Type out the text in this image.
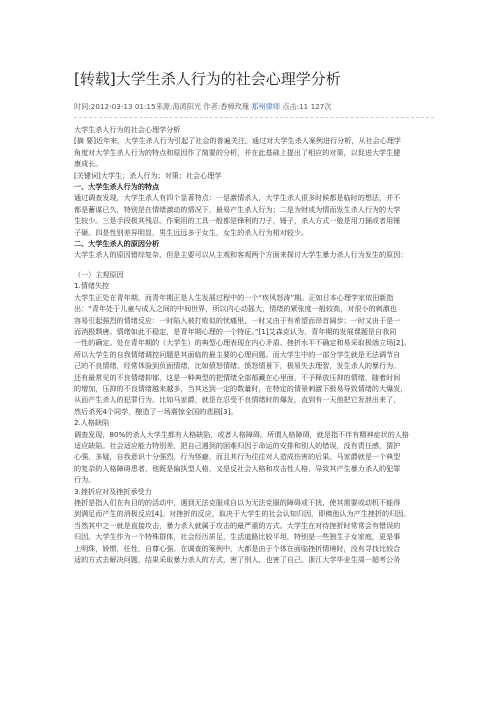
[转载]大学生杀人行为的社会心理学分析
时间:2012-03-13 01:15来源:海鸿阳光 作者:香樟玫瑰 郑州律师 点击:11 127次

大学生杀人行为的社会心理学分析

[摘 要]近年来，大学生杀人行为引起了社会的普遍关注。通过对大学生杀人案例进行分析，从社会心理学

角度对大学生杀人行为的特点和原因作了简要的分析，并在此基础上提出了相应的对策，以促进大学生健

康成长。

[关键词]大学生；杀人行为；对策；社会心理学

一、大学生杀人行为的特点

通过调查发现，大学生杀人有四个显著特点：一是激情杀人，大学生杀人很多时候都是临时的想法，并不

都是蓄谋已久，特别是在情绪激动的情况下，最易产生杀人行为；二是为财或为情而发生杀人行为的大学

生较少。三是手段极其残忍。作案用的工具一般都是锋利的刀子，锤子，杀人方式一般是用刀捅或者用锤

子砸。四是性别差异明显，男生远远多于女生，女生的杀人行为相对较少。

二、大学生杀人的原因分析

大学生杀人的原因错综复杂，但是主要可以从主观和客观两个方面来探讨大学生暴力杀人行为发生的原因：

（一）主观原因

1.情绪失控

大学生正处在青年期，而青年期正是人生发展过程中的一个“疾风怒涛”期。正如日本心理学家依田新指

出：“青年处于儿童与成人之间的中间世界，所以内心动摇大，情绪的紧张度一般较高，对很小的刺激也

容易引起强烈的情绪反应：一时陷入被打败似的忧痛里，一时又由于有希望而昂首阔步；一时又由于是一

而消极颓唐。情绪如此不稳定，是青年期心理的一个特征。”[1]艾森克认为，青年期的发展课题是自我同

一性的确定。处在青年期的（大学生）的典型心理表现在内心矛盾、挫折水平不确定和易采取极端立场[2]。

所以大学生的自我情绪调控问题是其面临的最主要的心理问题。而大学生中的一部分学生就是无法调节自

己的不良情绪，经常体验到负面情绪，比如愤怒情绪。愤怒情景下，极易失去理智，发生杀人的暴行为。

还有最常见的不良情绪抑郁，这是一种典型的把情绪全部郁藏在心里面，不予释放压抑的情绪，随着时间

的增加，压抑的不良情绪越来越多，当其达到一定的数量时，在特定的情景刺激下极易导致情绪的大爆发，

从而产生杀人的犯罪行为。比如马家爵，就是在忍受不良情绪时的爆发，直到有一天他把它发泄出来了，

然后杀死4个同学，酿造了一场震惊全国的悲剧[3]。

2.人格缺陷

调查发现，80%的杀人大学生都有人格缺陷，或者人格障碍。所谓人格障碍，就是指不伴有精神症状的人格

适应缺陷。社会适应能力特别差，把自己遇到的困难归因于命运的安排和别人的错误，没有责任感，猜护

心强，多疑，自我意识十分强烈，行为怪癖，而且其行为往往对人造成伤害的后果。马家爵就是一个典型

的复杂的人格障碍患者，他既是偏执型人格，又是反社会人格和攻击性人格，导致其产生暴力杀人的犯罪

行为。

3.挫折应对及挫折承受力

挫折是指人们在有目的的活动中，遇到无法克服或自以为无法克服的障碍或干扰，使其需要或动机不能得

到满足而产生的消极反应[4]。对挫折的反应，取决于大学生的社会认知归因，即佛他认为产生挫折的归因。

当然其中之一就是直接攻击，暴力杀人就属于攻击的最严重的方式。大学生在对待挫折时常常会有错误的

归因。大学生作为一个特殊群体，社会经历质足，生活道路比较平坦，特别是一些独生子女家庭，更是事

上明珠，娇惯，任性，自尊心强。在调查的案例中，大都是由于个体在面临挫折情境时，没有寻找比较合

适的方式去解决问题，结果采取暴力杀人的方式，害了别人，也害了自己。浙江大学毕业生周一超考公务
